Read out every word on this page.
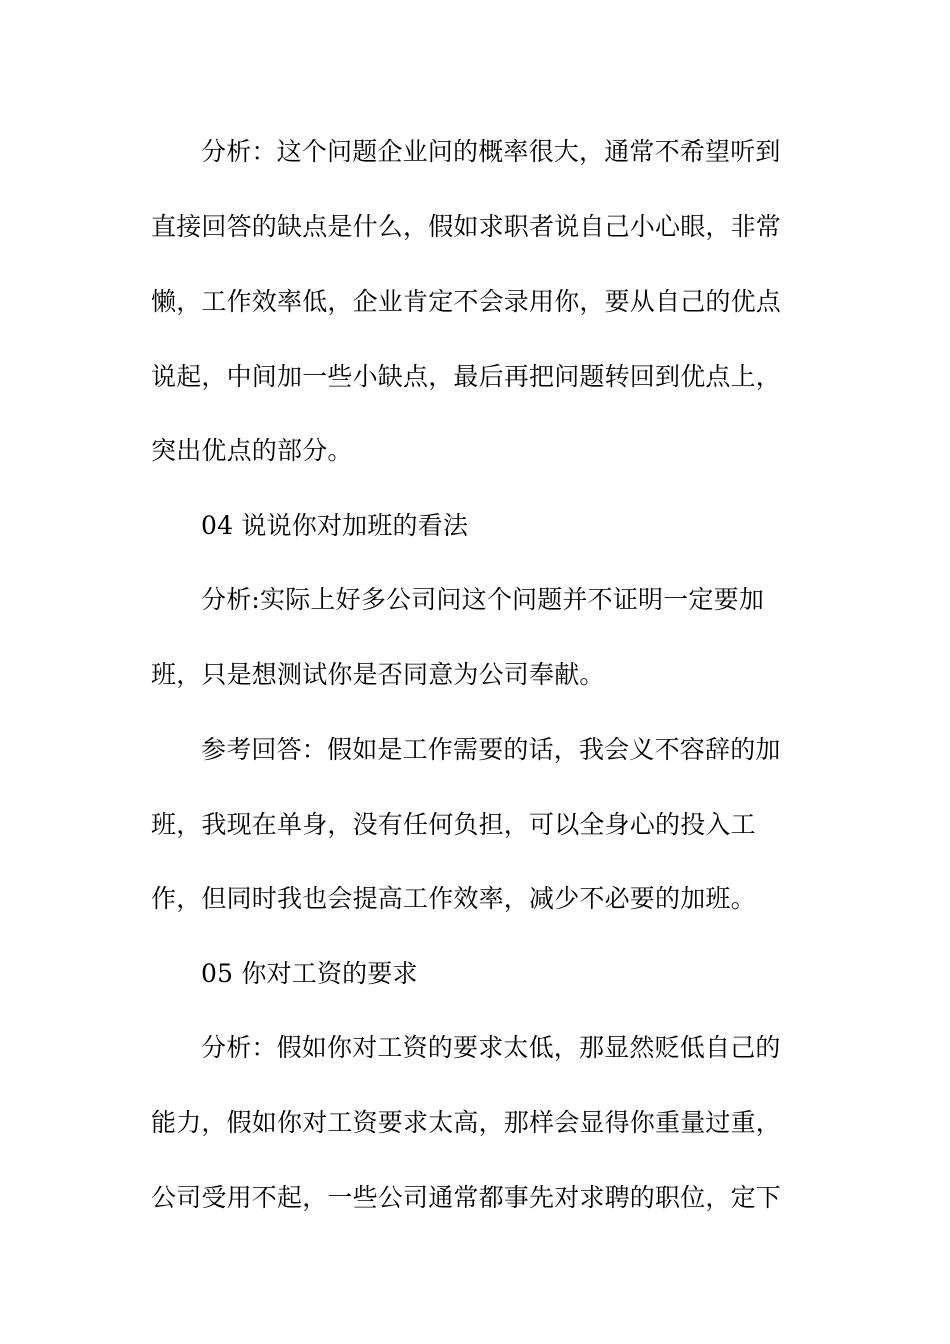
分析：这个问题企业问的概率很大，通常不希望听到
直接回答的缺点是什么，假如求职者说自己小心眼，非常
懒，工作效率低，企业肯定不会录用你，要从自己的优点
说起，中间加一些小缺点，最后再把问题转回到优点上，
突出优点的部分。
04 说说你对加班的看法
分析:实际上好多公司问这个问题并不证明一定要加
班，只是想测试你是否同意为公司奉献。
参考回答：假如是工作需要的话，我会义不容辞的加
班，我现在单身，没有任何负担，可以全身心的投入工
作，但同时我也会提高工作效率，减少不必要的加班。
05 你对工资的要求
分析：假如你对工资的要求太低，那显然贬低自己的
能力，假如你对工资要求太高，那样会显得你重量过重，
公司受用不起，一些公司通常都事先对求聘的职位，定下
